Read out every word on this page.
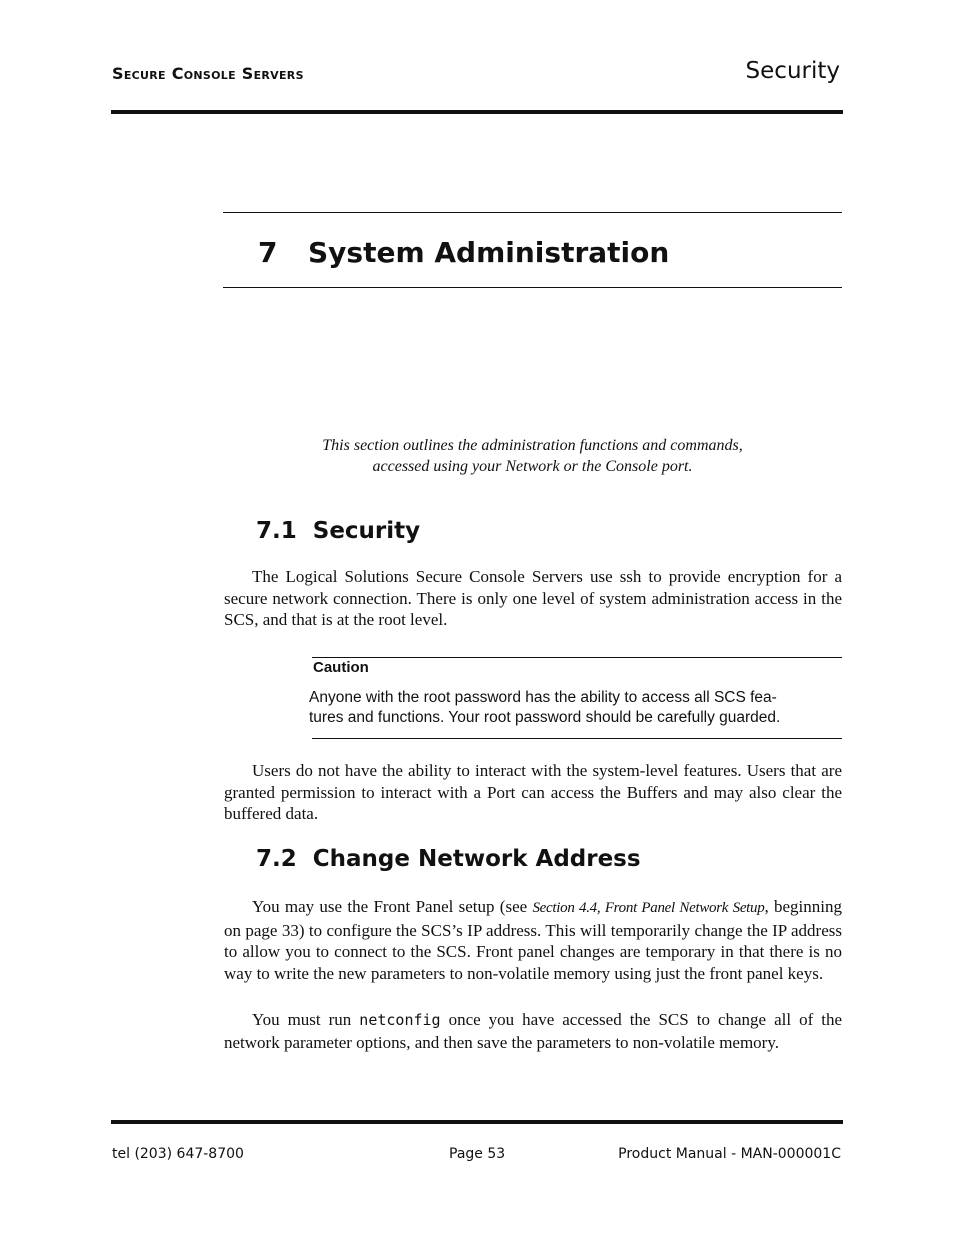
Secure Console Servers	Security
7 System Administration

This section outlines the administration functions and commands,

accessed using your Network or the Console port.

7.1  Security

The Logical Solutions Secure Console Servers use ssh to provide encryption for a secure network connection. There is only one level of system administration access in the SCS, and that is at the root level.

Caution

Anyone with the root password has the ability to access all SCS fea-

tures and functions. Your root password should be carefully guarded.

Users do not have the ability to interact with the system-level features. Users that are granted permission to interact with a Port can access the Buffers and may also clear the buffered data.

7.2  Change Network Address

You may use the Front Panel setup (see Section 4.4, Front Panel Network Setup, beginning on page 33) to configure the SCS’s IP address. This will temporarily change the IP address to allow you to connect to the SCS. Front panel changes are temporary in that there is no way to write the new parameters to non-volatile memory using just the front panel keys.

You must run netconfig once you have accessed the SCS to change all of the network parameter options, and then save the parameters to non-volatile memory.

tel (203) 647-8700	Page 53	Product Manual - MAN-000001C
